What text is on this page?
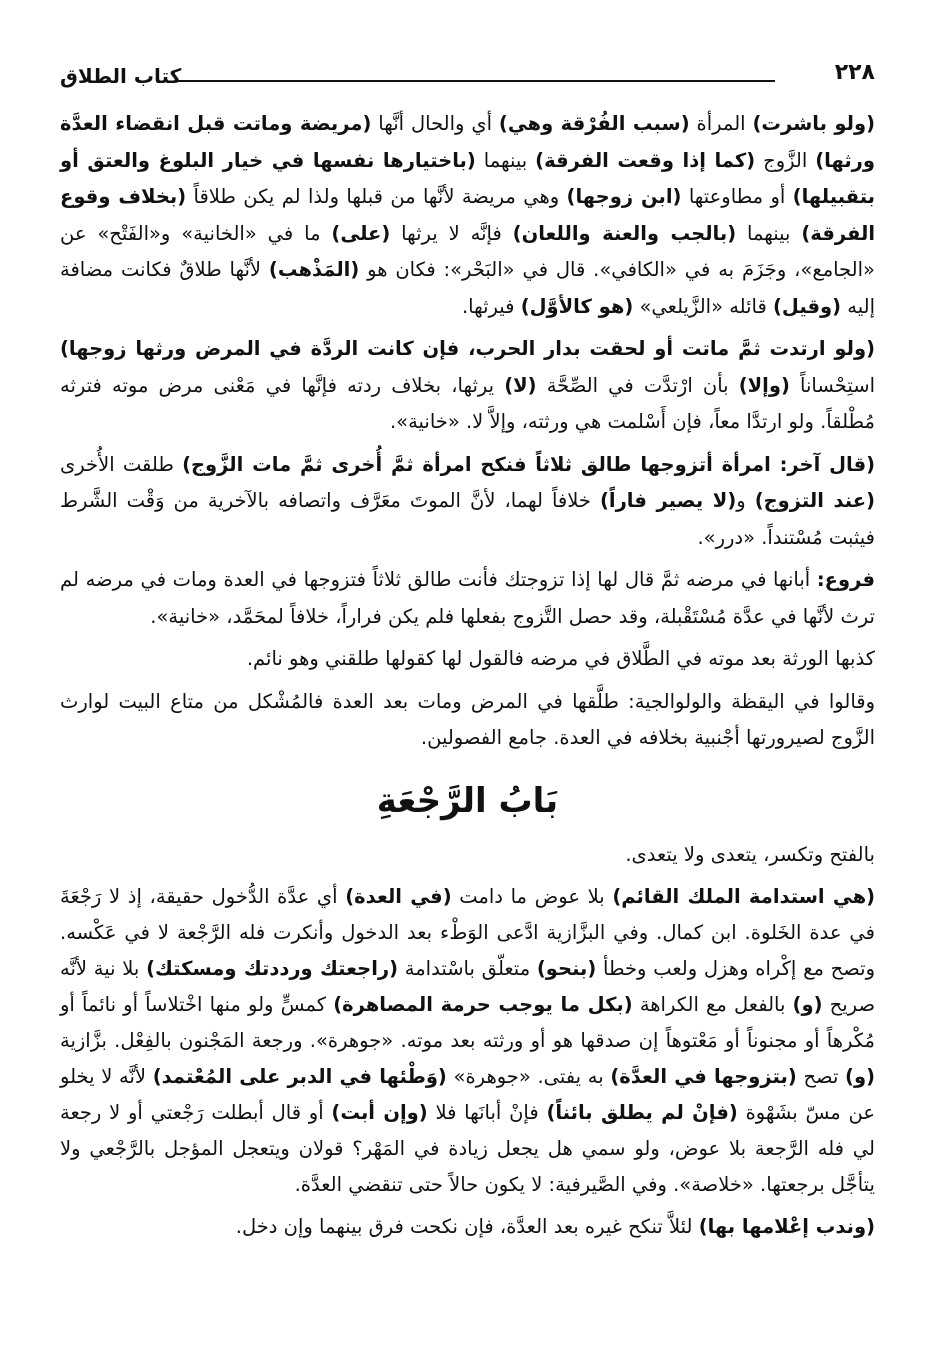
٢٢٨
كتاب الطلاق

(ولو باشرت) المرأة (سبب الفُرْقة وهي) أي والحال أنَّها (مريضة وماتت قبل انقضاء العدَّة ورثها) الزَّوج (كما إذا وقعت الفرقة) بينهما (باختيارها نفسها في خيار البلوغ والعتق أو بتقبيلها) أو مطاوعتها (ابن زوجها) وهي مريضة لأنَّها من قبلها ولذا لم يكن طلاقاً (بخلاف وقوع الفرقة) بينهما (بالجب والعنة واللعان) فإنَّه لا يرثها (على) ما في «الخانية» و«الفَتْح» عن «الجامع»، وجَزَمَ به في «الكافي». قال في «البَحْر»: فكان هو (المَذْهب) لأنَّها طلاقٌ فكانت مضافة إليه (وقيل) قائله «الزَّيلعي» (هو كالأوَّل) فيرثها.

(ولو ارتدت ثمَّ ماتت أو لحقت بدار الحرب، فإن كانت الردَّة في المرض ورثها زوجها) استِحْساناً (وإلا) بأن ارْتدَّت في الصِّحَّة (لا) يرثها، بخلاف ردته فإنَّها في مَعْنى مرض موته فترثه مُطْلقاً. ولو ارتدَّا معاً، فإن أَسْلمت هي ورثته، وإلاَّ لا. «خانية».

(قال آخر: امرأة أتزوجها طالق ثلاثاً فنكح امرأة ثمَّ أُخرى ثمَّ مات الزَّوج) طلقت الأُخرى (عند التزوج) و(لا يصير فاراً) خلافاً لهما، لأنَّ الموتَ معَرَّف واتصافه بالآخرية من وَقْت الشَّرط فيثبت مُسْتنداً. «درر».

فروع: أبانها في مرضه ثمَّ قال لها إذا تزوجتك فأنت طالق ثلاثاً فتزوجها في العدة ومات في مرضه لم ترث لأنَّها في عدَّة مُسْتَقْبلة، وقد حصل التَّزوج بفعلها فلم يكن فراراً، خلافاً لمحَمَّد، «خانية».

كذبها الورثة بعد موته في الطَّلاق في مرضه فالقول لها كقولها طلقني وهو نائم.

وقالوا في اليقظة والولوالجية: طلَّقها في المرض ومات بعد العدة فالمُشْكل من متاع البيت لوارث الزَّوج لصيرورتها أجْنبية بخلافه في العدة. جامع الفصولين.

بَابُ الرَّجْعَةِ

بالفتح وتكسر، يتعدى ولا يتعدى.

(هي استدامة الملك القائم) بلا عوض ما دامت (في العدة) أي عدَّة الدُّخول حقيقة، إذ لا رَجْعَةَ في عدة الخَلوة. ابن كمال. وفي البزَّازية ادَّعى الوَطْء بعد الدخول وأنكرت فله الرَّجْعة لا في عَكْسه. وتصح مع إكْراه وهزل ولعب وخطأ (بنحو) متعلّق باسْتدامة (راجعتك ورددتك ومسكتك) بلا نية لأنَّه صريح (و) بالفعل مع الكراهة (بكل ما يوجب حرمة المصاهرة) كمسٍّ ولو منها اخْتلاساً أو نائماً أو مُكْرهاً أو مجنوناً أو مَعْتوهاً إن صدقها هو أو ورثته بعد موته. «جوهرة». ورجعة المَجْنون بالفِعْل. بزَّازية (و) تصح (بتزوجها في العدَّة) به يفتى. «جوهرة» (وَطْئها في الدبر على المُعْتمد) لأنَّه لا يخلو عن مسّ بشَهْوة (فإنْ لم يطلق بائناً) فإنْ أبانَها فلا (وإن أبت) أو قال أبطلت رَجْعتي أو لا رجعة لي فله الرَّجعة بلا عوض، ولو سمي هل يجعل زيادة في المَهْر؟ قولان ويتعجل المؤجل بالرَّجْعي ولا يتأجَّل برجعتها. «خلاصة». وفي الصَّيرفية: لا يكون حالاً حتى تنقضي العدَّة.

(وندب إعْلامها بها) لئلاَّ تنكح غيره بعد العدَّة، فإن نكحت فرق بينهما وإن دخل.
